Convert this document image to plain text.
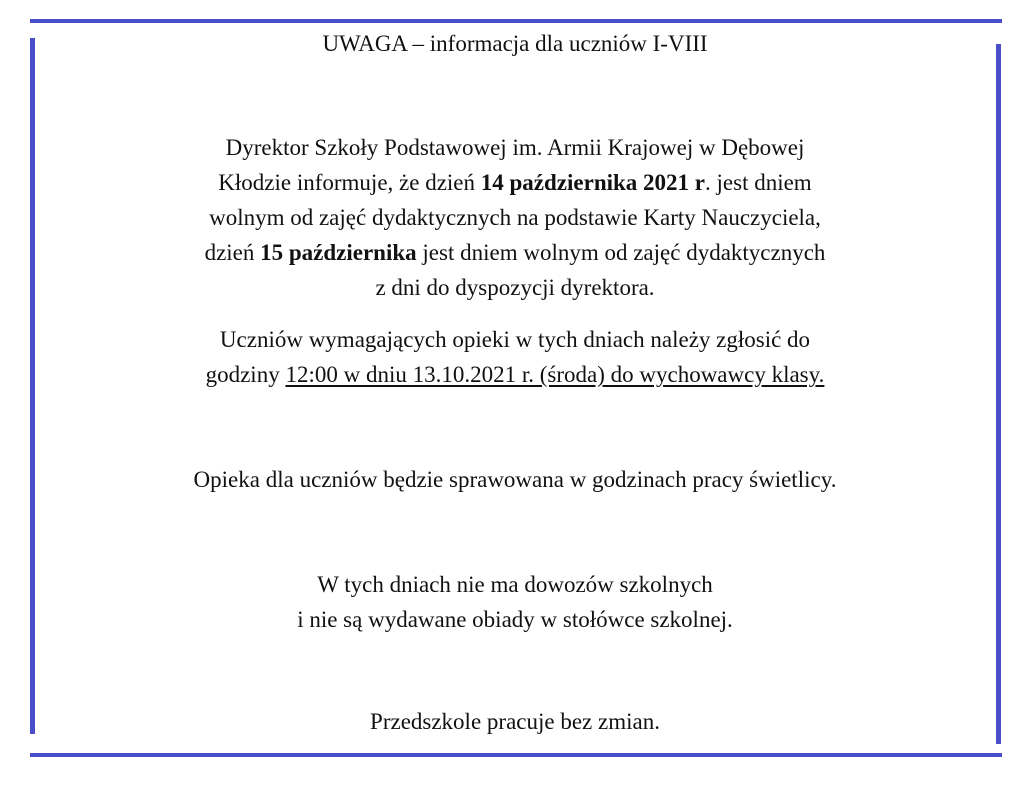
UWAGA – informacja dla uczniów I-VIII

Dyrektor Szkoły Podstawowej im. Armii Krajowej w Dębowej
Kłodzie informuje, że dzień 14 października 2021 r. jest dniem
wolnym od zajęć dydaktycznych na podstawie Karty Nauczyciela,
dzień 15 października jest dniem wolnym od zajęć dydaktycznych
z dni do dyspozycji dyrektora.

Uczniów wymagających opieki w tych dniach należy zgłosić do
godziny 12:00 w dniu 13.10.2021 r. (środa) do wychowawcy klasy.

Opieka dla uczniów będzie sprawowana w godzinach pracy świetlicy.

W tych dniach nie ma dowozów szkolnych
i nie są wydawane obiady w stołówce szkolnej.

Przedszkole pracuje bez zmian.
